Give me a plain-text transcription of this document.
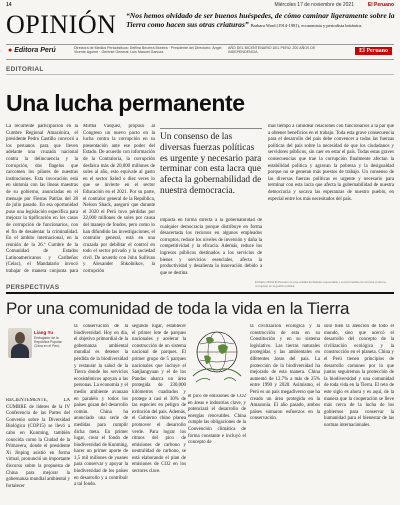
14	Miércoles 17 de noviembre de 2021	El Peruano
OPINIÓN “Nos hemos olvidado de ser buenos huéspedes, de cómo caminar ligeramente sobre la Tierra como hacen sus otras criaturas” Barbara Ward (1914-1981), economista y periodista británica.
● Editora Perú	Directora de Medios Periodísticos: Delfina Becerra Moreira · Presidente del Directorio: Ángel Vicente Aguirre · Gerente General: Luis Manuel Ganoza
AÑO DEL BICENTENARIO DEL PERÚ: 200 AÑOS DE INDEPENDENCIA	El Peruano
EDITORIAL
Una lucha permanente
La recurrente participación en la Cumbre Regional Amazónica, el presidente Pedro Castillo convocó a los peruanos para que lleven adelante una cruzada nacional contra la delincuencia y la corrupción, dos flagelos que carcomen los pilares de nuestras instituciones. Esta invocación está en sintonía con las líneas maestras de su gobierno, anunciadas en el mensaje por Fiestas Patrias del 28 de julio pasado. En esa oportunidad puso una legislación específica para mejorar la tipificación en los casos de corrupción de funcionarios, con el fin de desalentar la criminalidad. En el ámbito internacional, en la reunión de la 26.ª Cumbre de la Comunidad de Estados Latinoamericanos y Caribeños (Celac), el Mandatario invocó trabajar de manera conjunta para
Mirtha Vásquez, propuso al Congreso un nuevo pacto en la lucha contra la corrupción en su presentación ante ese poder del Estado. De acuerdo con información de la Contraloría, la corrupción desfalca más de 20,000 millones de soles al año, esto equivale al gasto en el sector Salud o diez veces lo que se invierte en el sector Educación en el 2021. Por su parte, el contralor general de la República, Nelson Shack, aseguró que durante el 2020 el Perú tuvo pérdidas por 22,000 millones de soles por causa del manejo de fondos, pero como lo han difundido las investigaciones, el contralor general, está en una cruzada por debilitar el control en todo el sector privado y la sociedad civil. De acuerdo con John Sullivan y Alexander Shkolnikov, la corrupción
Un consenso de las diversas fuerzas políticas es urgente y necesario para terminar con esta lacra que afecta la gobernabilidad de nuestra democracia.
impacta en forma directa a la gobernabilidad de cualquier democracia porque distribuye en forma desacertada los recursos en algunos empleados corruptos; reduce los niveles de inversión y daña la competitividad y la eficacia. Además, reduce los ingresos públicos destinados a los servicios de bienes y servicios esenciales, afecta la productividad y desalienta la innovación debido a que se destina
más tiempo a cabildear relaciones con funcionarios a la par que a obtener beneficios en el trabajo. Toda esta grave consecuencia para el desarrollo del país debe convencer a todas las fuerzas políticas del país sobre la necesidad de que los ciudadanos y servidores públicos, sin caer en estar el país. Todas estas graves consecuencias que trae la corrupción finalmente afectan la estabilidad política y agravan la pobreza y la desigualdad porque no se generan más puestos de trabajo. Un consenso de las diversas fuerzas políticas es urgente y necesario para terminar con esta lacra que afecta la gobernabilidad de nuestra democracia y socava las esperanzas de nuestro pueblo, en especial entre los más necesitados del país.
El Diario Oficial El Peruano es una entidad del Estado responsable y comprometida con la lucha contra la corrupción en la gestión pública.
PERSPECTIVAS
Por una comunidad de toda la vida en la Tierra
Liang Yu
Embajador de la República Popular China en el Perú.
RECIENTEMENTE, LA CUMBRE de líderes de la IV Conferencia de las Partes del Convenio sobre la Diversidad Biológica (COP15) se llevó a cabo en Kunming, también conocida como la Ciudad de la Primavera, donde el presidente Xi Jinping asistió en forma virtual, pronunció un importante discurso sobre la propuesta de China para mejorar la gobernanza mundial ambiental y fortalecer
la conservación de la biodiversidad. Hoy en día, el objetivo primordial de la gobernanza ambiental mundial es detener la pérdida de la biodiversidad y restaurar la salud de la Tierra donde los servicios ecosistémicos apoyan a las personas. La economía y el medio ambiente avanzan en paralelo y todos los países gozan del desarrollo común. China ha anunciado una serie de medidas para cumplir dicha meta. En primer lugar, crear el fondo de biodiversidad de Kunming, hacer un primer aporte de 1,5 mil millones de yuanes para conservar y apoyar la biodiversidad de los países en desarrollo y a contribuir a tal fondo.
segundo lugar, establecer el primer lote de parques nacionales y acelerar la construcción de un sistema nacional de parques. El primer grupo de 5 parques nacionales que incluye el Sanjiangyuan y el de los Pandas abarca un área protegida de 230,000 kilómetros cuadrados y protege a casi el 30% de las especies en peligro de extinción del país. Además, el Gobierno chino planea promover el desarrollo verde. Para lograr los ritmos del pico de emisiones de carbono y neutralidad de carbono, se está elaborando el plan de emisiones de CO2 en los sectores clave.
el pico de emisiones de CO2 en áreas e industrias clave, y potenciará el desarrollo de energías renovables. China cumple las obligaciones de la Convención climática de forma constante e incluyó el concepto de
la civilización ecológica y la construcción de esta en su Constitución y en su sistema legislativo. Las tierras naturales protegidas y las ambientales en diferentes áreas del país. La protección de la biodiversidad ha mejorado de esta manera. China aumentó de 12.7% a más de 25% entre 1990 y 2020. Asimismo, el Perú es un país megadiverso que ha creado un área protegida en la Amazonía. El año pasado, ambos países sumaron esfuerzos en la conservación.
solo bien la atención de todo el mundo, sino que acercó el desarrollo del concepto de la civilización ecológica y la construcción en el planeta. China y el Perú tienen principios de desarrollo comunes por lo que juntos seguiremos la protección de la biodiversidad y una comunidad de toda vida en la Tierra. El reto de este siglo es ahora y es aquí, de la manera que la cooperación se lleve más cerca de la lucha de los gobiernos para conservar la humanidad para el bienestar de las normas internacionales.
